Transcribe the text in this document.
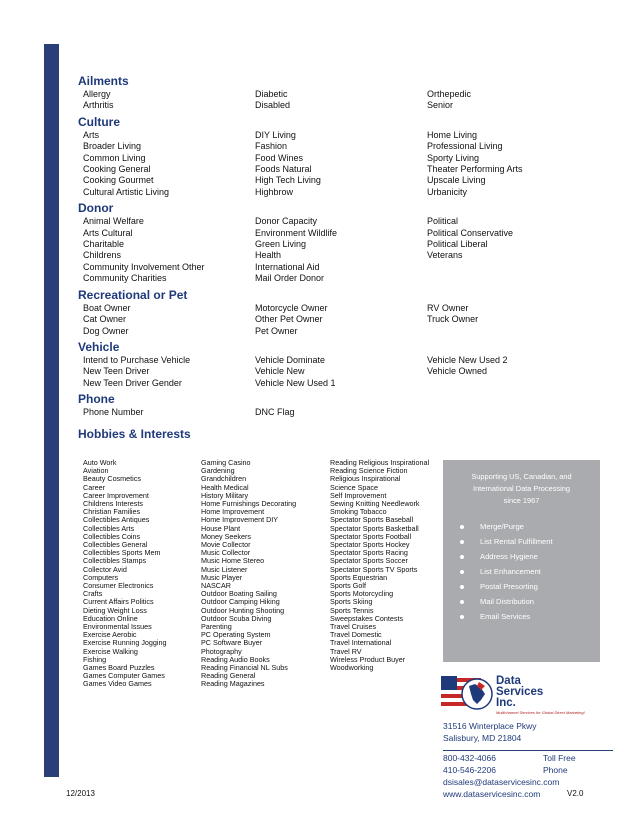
Ailments
Allergy	Diabetic	Orthepedic
Arthritis	Disabled	Senior
Culture
Arts	DIY Living	Home Living
Broader Living	Fashion	Professional Living
Common Living	Food Wines	Sporty Living
Cooking General	Foods Natural	Theater Performing Arts
Cooking Gourmet	High Tech Living	Upscale Living
Cultural Artistic Living	Highbrow	Urbanicity
Donor
Animal Welfare	Donor Capacity	Political
Arts Cultural	Environment Wildlife	Political Conservative
Charitable	Green Living	Political Liberal
Childrens	Health	Veterans
Community Involvement Other	International Aid
Community Charities	Mail Order Donor
Recreational or Pet
Boat Owner	Motorcycle Owner	RV Owner
Cat Owner	Other Pet Owner	Truck Owner
Dog Owner	Pet Owner
Vehicle
Intend to Purchase Vehicle	Vehicle Dominate	Vehicle New Used 2
New Teen Driver	Vehicle New	Vehicle Owned
New Teen Driver Gender	Vehicle New Used 1
Phone
Phone Number	DNC Flag
Hobbies & Interests
Auto Work
Aviation
Beauty Cosmetics
Career
Career Improvement
Childrens Interests
Christian Families
Collectibles Antiques
Collectibles Arts
Collectibles Coins
Collectibles General
Collectibles Sports Mem
Collectibles Stamps
Collector Avid
Computers
Consumer Electronics
Crafts
Current Affairs Politics
Dieting Weight Loss
Education Online
Environmental Issues
Exercise Aerobic
Exercise Running Jogging
Exercise Walking
Fishing
Games Board Puzzles
Games Computer Games
Games Video Games
Gaming Casino
Gardening
Grandchildren
Health Medical
History Military
Home Furnishings Decorating
Home Improvement
Home Improvement DIY
House Plant
Money Seekers
Movie Collector
Music Collector
Music Home Stereo
Music Listener
Music Player
NASCAR
Outdoor Boating Sailing
Outdoor Camping Hiking
Outdoor Hunting Shooting
Outdoor Scuba Diving
Parenting
PC Operating System
PC Software Buyer
Photography
Reading Audio Books
Reading Financial NL Subs
Reading General
Reading Magazines
Reading Religious Inspirational
Reading Science Fiction
Religious Inspirational
Science Space
Self Improvement
Sewing Knitting Needlework
Smoking Tobacco
Spectator Sports Baseball
Spectator Sports Basketball
Spectator Sports Football
Spectator Sports Hockey
Spectator Sports Racing
Spectator Sports Soccer
Spectator Sports TV Sports
Sports Equestrian
Sports Golf
Sports Motorcycling
Sports Skiing
Sports Tennis
Sweepstakes Contests
Travel Cruises
Travel Domestic
Travel International
Travel RV
Wireless Product Buyer
Woodworking
Supporting US, Canadian, and
International Data Processing
since 1967
Merge/Purge
List Rental Fulfillment
Address Hygiene
List Enhancement
Postal Presorting
Mail Distribution
Email Services
Data
Services
Inc.
Multichannel Services for Global Direct Marketing!
31516 Winterplace Pkwy
Salisbury, MD 21804
800-432-4066	Toll Free
410-546-2206	Phone
dsisales@dataservicesinc.com
www.dataservicesinc.com
12/2013	V2.0
